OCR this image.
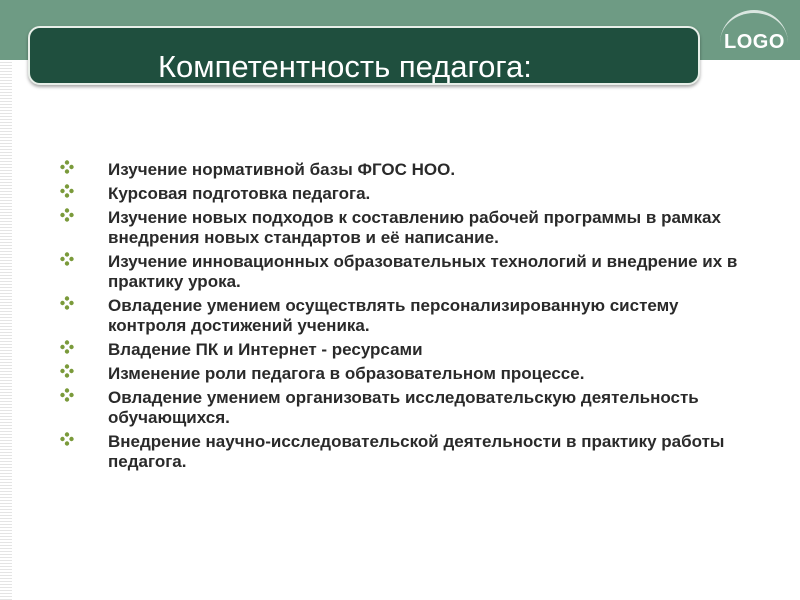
Компетентность педагога:
LOGO
Изучение нормативной базы ФГОС НОО.
Курсовая подготовка педагога.
Изучение новых подходов к составлению рабочей программы в рамках внедрения новых стандартов и её написание.
Изучение инновационных образовательных технологий и внедрение их в практику урока.
Овладение умением осуществлять персонализированную систему контроля достижений ученика.
Владение ПК и Интернет - ресурсами
Изменение роли педагога в образовательном процессе.
Овладение умением организовать исследовательскую деятельность обучающихся.
Внедрение научно-исследовательской деятельности в практику работы педагога.
